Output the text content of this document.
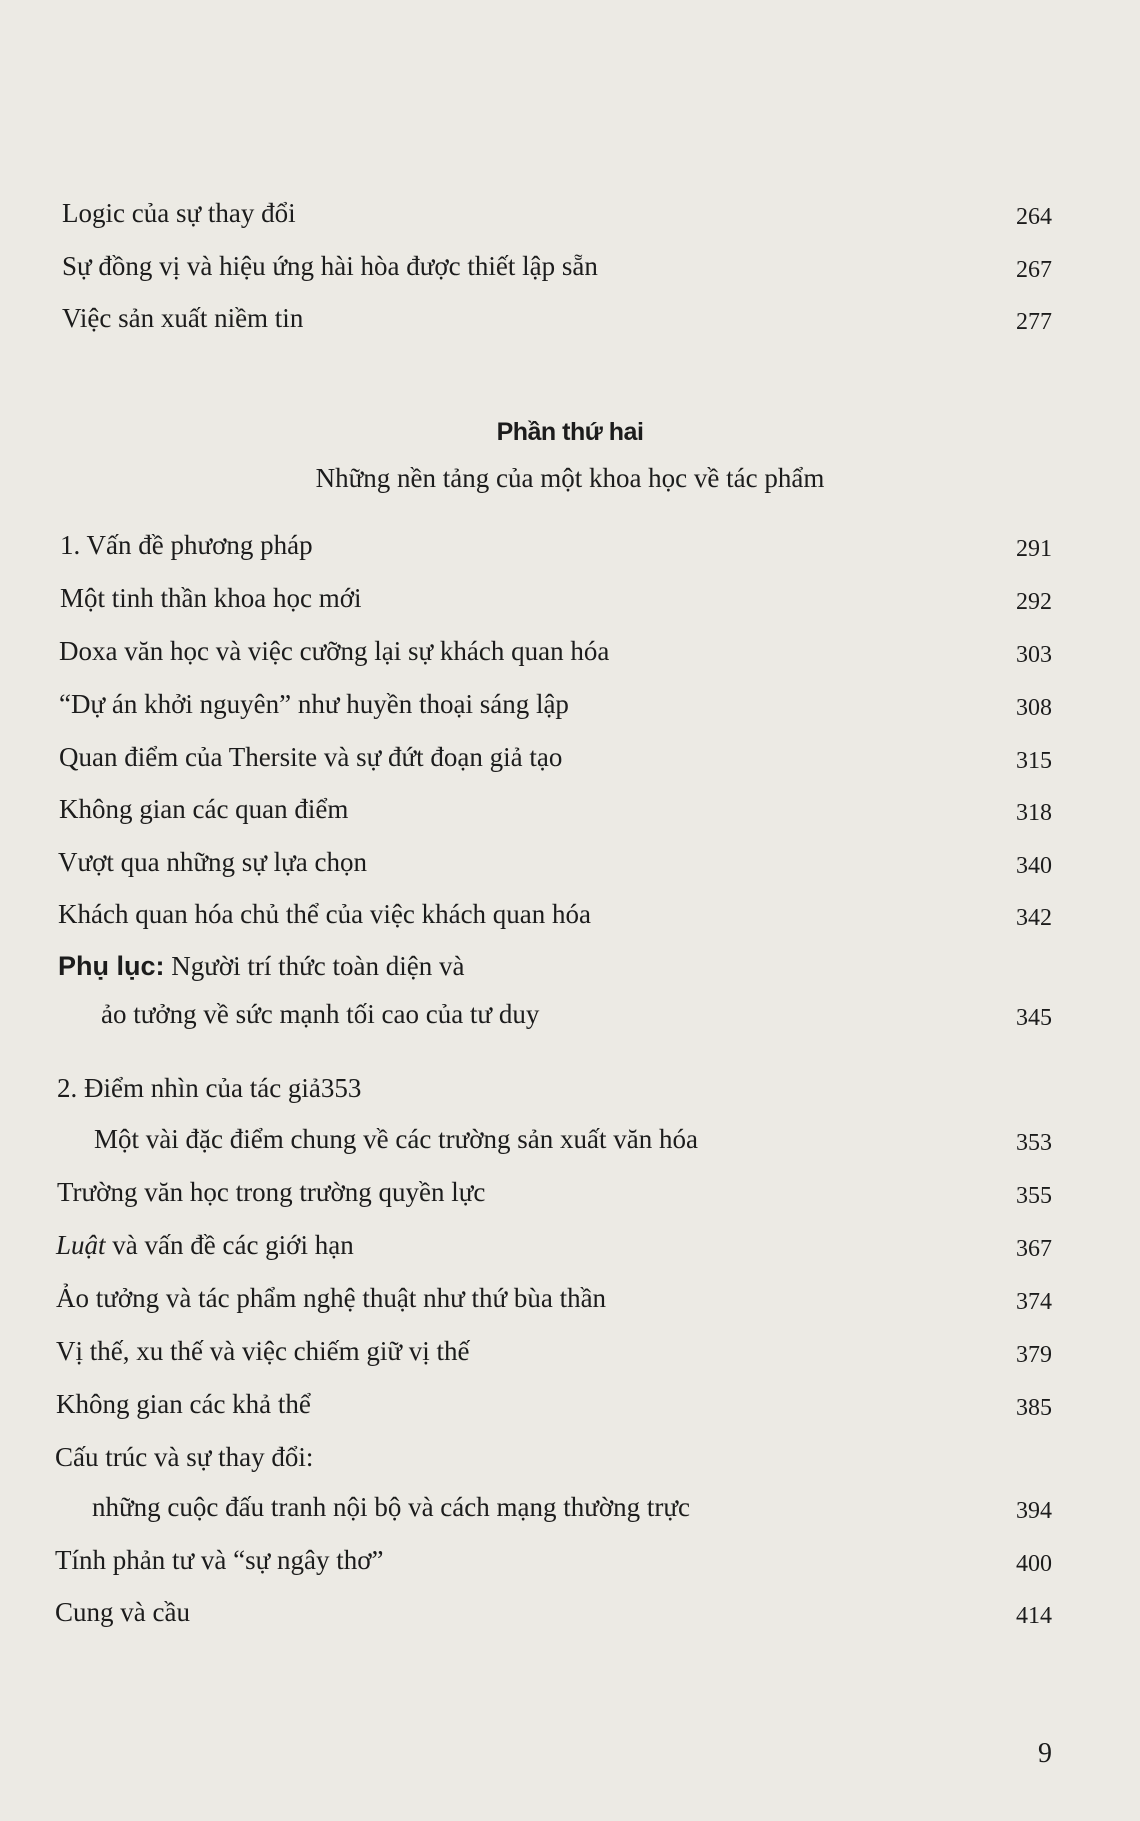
Logic của sự thay đổi	264
Sự đồng vị và hiệu ứng hài hòa được thiết lập sẵn	267
Việc sản xuất niềm tin	277
Phần thứ hai
Những nền tảng của một khoa học về tác phẩm
1. Vấn đề phương pháp	291
Một tinh thần khoa học mới	292
Doxa văn học và việc cưỡng lại sự khách quan hóa	303
“Dự án khởi nguyên” như huyền thoại sáng lập	308
Quan điểm của Thersite và sự đứt đoạn giả tạo	315
Không gian các quan điểm	318
Vượt qua những sự lựa chọn	340
Khách quan hóa chủ thể của việc khách quan hóa	342
Phụ lục: Người trí thức toàn diện và
ảo tưởng về sức mạnh tối cao của tư duy	345
2. Điểm nhìn của tác giả353
Một vài đặc điểm chung về các trường sản xuất văn hóa	353
Trường văn học trong trường quyền lực	355
Luật và vấn đề các giới hạn	367
Ảo tưởng và tác phẩm nghệ thuật như thứ bùa thần	374
Vị thế, xu thế và việc chiếm giữ vị thế	379
Không gian các khả thể	385
Cấu trúc và sự thay đổi:
những cuộc đấu tranh nội bộ và cách mạng thường trực	394
Tính phản tư và “sự ngây thơ”	400
Cung và cầu	414
9
